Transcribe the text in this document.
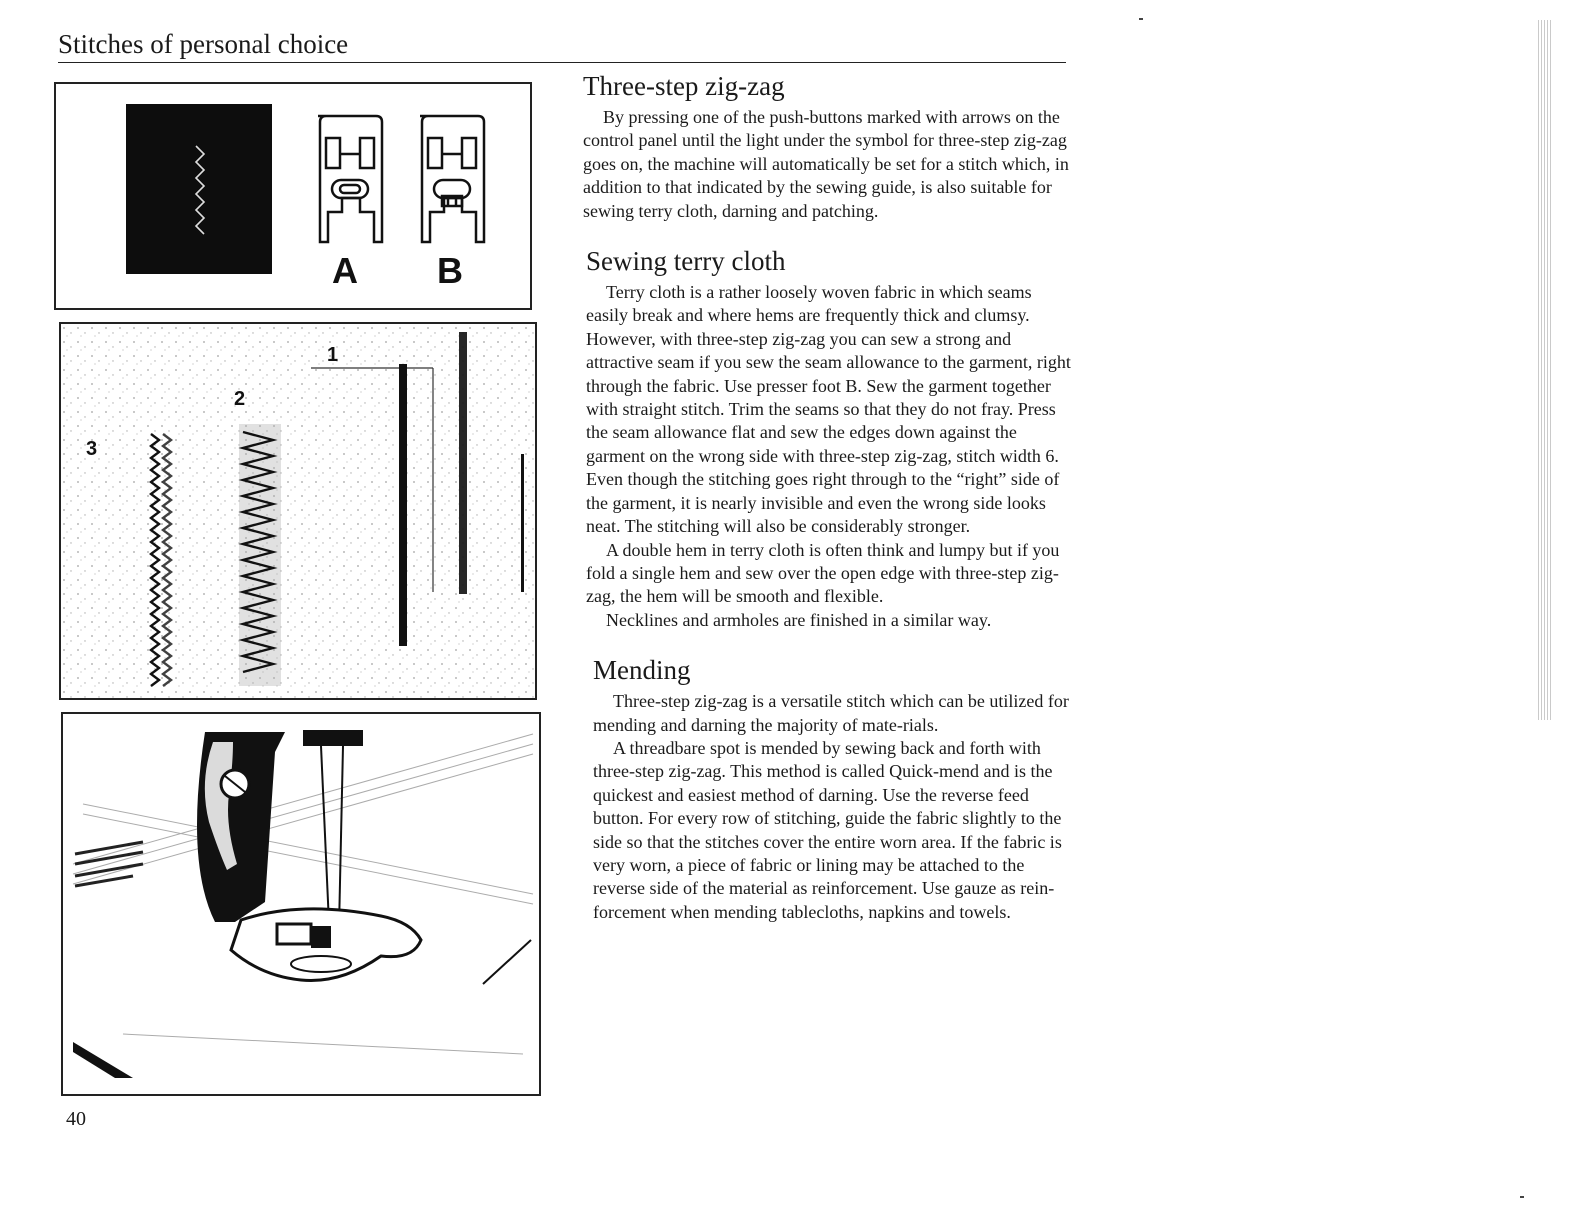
Stitches of personal choice
A B
1
2
3
Three-step zig-zag

By pressing one of the push-buttons marked with arrows on the control panel until the light under the symbol for three-step zig-zag goes on, the machine will automatically be set for a stitch which, in addition to that indicated by the sewing guide, is also suitable for sewing terry cloth, darning and patching.

Sewing terry cloth

Terry cloth is a rather loosely woven fabric in which seams easily break and where hems are frequently thick and clumsy. However, with three-step zig-zag you can sew a strong and attractive seam if you sew the seam allowance to the garment, right through the fabric. Use presser foot B. Sew the garment together with straight stitch. Trim the seams so that they do not fray. Press the seam allowance flat and sew the edges down against the garment on the wrong side with three-step zig-zag, stitch width 6. Even though the stitching goes right through to the “right” side of the garment, it is nearly invisible and even the wrong side looks neat. The stitching will also be considerably stronger.

A double hem in terry cloth is often think and lumpy but if you fold a single hem and sew over the open edge with three-step zig-zag, the hem will be smooth and flexible.

Necklines and armholes are finished in a similar way.

Mending

Three-step zig-zag is a versatile stitch which can be utilized for mending and darning the majority of mate-rials.

A threadbare spot is mended by sewing back and forth with three-step zig-zag. This method is called Quick-mend and is the quickest and easiest method of darning. Use the reverse feed button. For every row of stitching, guide the fabric slightly to the side so that the stitches cover the entire worn area. If the fabric is very worn, a piece of fabric or lining may be attached to the reverse side of the material as reinforcement. Use gauze as rein-forcement when mending tablecloths, napkins and towels.

40
